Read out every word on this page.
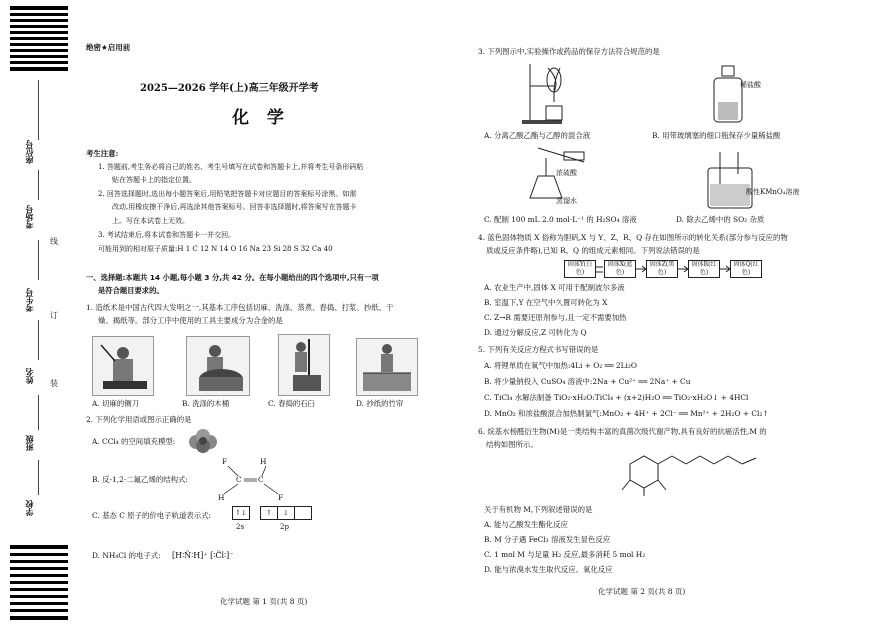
座位号
考场号
考生号
姓名
班级
学校
线
订
装
绝密★启用前
2025—2026 学年(上)高三年级开学考
化 学
考生注意:
1. 答题前,考生务必将自己的姓名、考生号填写在试卷和答题卡上,并将考生号条形码粘
贴在答题卡上的指定位置。
2. 回答选择题时,选出每小题答案后,用铅笔把答题卡对应题目的答案标号涂黑。如需
改动,用橡皮擦干净后,再选涂其他答案标号。回答非选择题时,将答案写在答题卡
上。写在本试卷上无效。
3. 考试结束后,将本试卷和答题卡一并交回。
可能用到的相对原子质量:H 1 C 12 N 14 O 16 Na 23 Si 28 S 32 Ca 40
一、选择题:本题共 14 小题,每小题 3 分,共 42 分。在每小题给出的四个选项中,只有一项
是符合题目要求的。
1. 造纸术是中国古代四大发明之一,其基本工序包括切麻、洗涤、蒸煮、舂捣、打浆、抄纸、干
燥、揭纸等。部分工序中使用的工具主要成分为合金的是
A. 切麻的铡刀	B. 洗涤的木桶	C. 舂捣的石臼	D. 抄纸的竹帘
2. 下列化学用语或图示正确的是
A. CCl₄ 的空间填充模型:
B. 反-1,2-二氟乙烯的结构式:
F	H
C C
H	F
C. 基态 C 原子的价电子轨道表示式:	↑↓	↑	↓
2s	2p
D. NH₄Cl 的电子式: [H∶N̈∶H]⁺ [∶C̈l∶]⁻
化学试题 第 1 页(共 8 页)
3. 下列图示中,实验操作或药品的保存方法符合规范的是
稀盐酸
A. 分离乙酸乙酯与乙醇的混合液	B. 用带玻璃塞的细口瓶保存少量稀盐酸
浓硫酸
蒸馏水
酸性KMnO₄溶液
C. 配制 100 mL 2.0 mol·L⁻¹ 的 H₂SO₄ 溶液	D. 除去乙烯中的 SO₂ 杂质
4. 蓝色固体物质 X 俗称为胆矾,X 与 Y、Z、R、Q 存在如图所示的转化关系(部分参与反应的物
质或反应条件略),已知 R、Q 的组成元素相同。下列说法错误的是
固体Y(白色)
固体X(蓝色)
固体Z(黑色)
固体R(红色)
固体Q(红色)
A. 农业生产中,固体 X 可用于配制波尔多液
B. 室温下,Y 在空气中久置可转化为 X
C. Z→R 需要还原剂参与,且一定不需要加热
D. 通过分解反应,Z 可转化为 Q
5. 下列有关反应方程式书写错误的是
A. 将锂单质在氧气中加热:4Li + O₂ ══ 2Li₂O
B. 将少量钠投入 CuSO₄ 溶液中:2Na + Cu²⁺ ══ 2Na⁺ + Cu
C. TiCl₄ 水解法制备 TiO₂·xH₂O:TiCl₄ + (x+2)H₂O ══ TiO₂·xH₂O↓ + 4HCl
D. MnO₂ 和浓盐酸混合加热制氯气:MnO₂ + 4H⁺ + 2Cl⁻ ══ Mn²⁺ + 2H₂O + Cl₂↑
6. 烷基水杨醛衍生物(M)是一类结构丰富的真菌次级代谢产物,具有良好的抗癌活性,M 的
结构如图所示。
关于有机物 M,下列叙述错误的是
A. 能与乙酸发生酯化反应
B. M 分子遇 FeCl₃ 溶液发生显色反应
C. 1 mol M 与足量 H₂ 反应,最多消耗 5 mol H₂
D. 能与浓溴水发生取代反应、氧化反应
化学试题 第 2 页(共 8 页)
